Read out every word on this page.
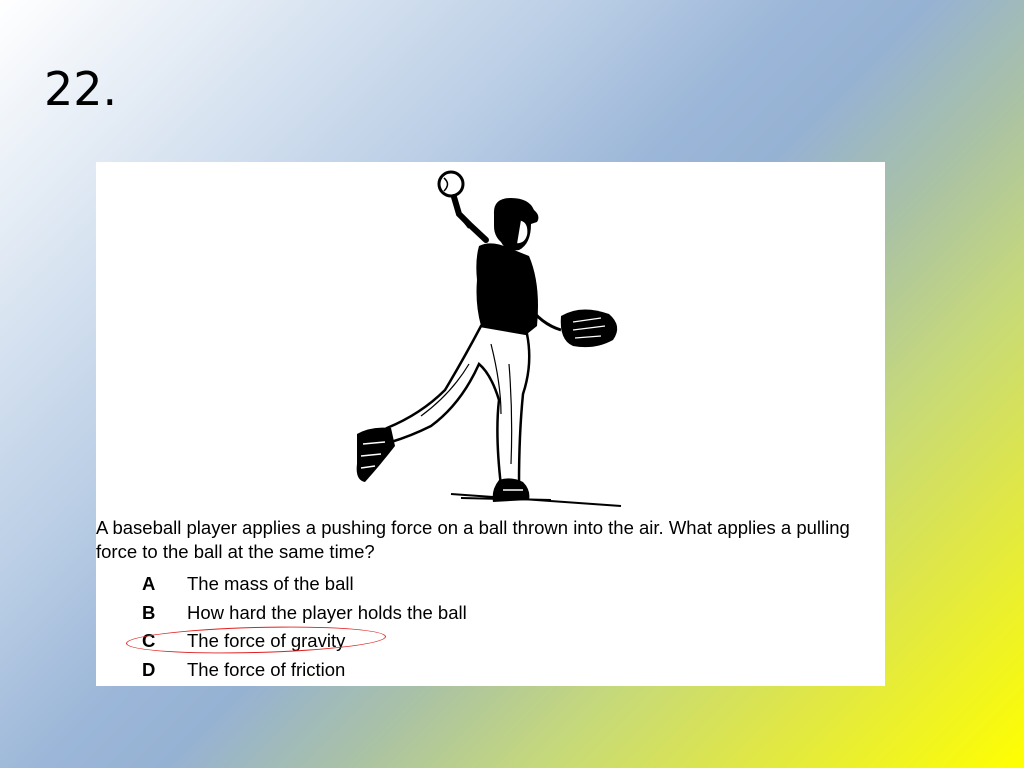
22.

A baseball player applies a pushing force on a ball thrown into the air. What applies a pulling force to the ball at the same time?

A	The mass of the ball
B	How hard the player holds the ball
C	The force of gravity
D	The force of friction
